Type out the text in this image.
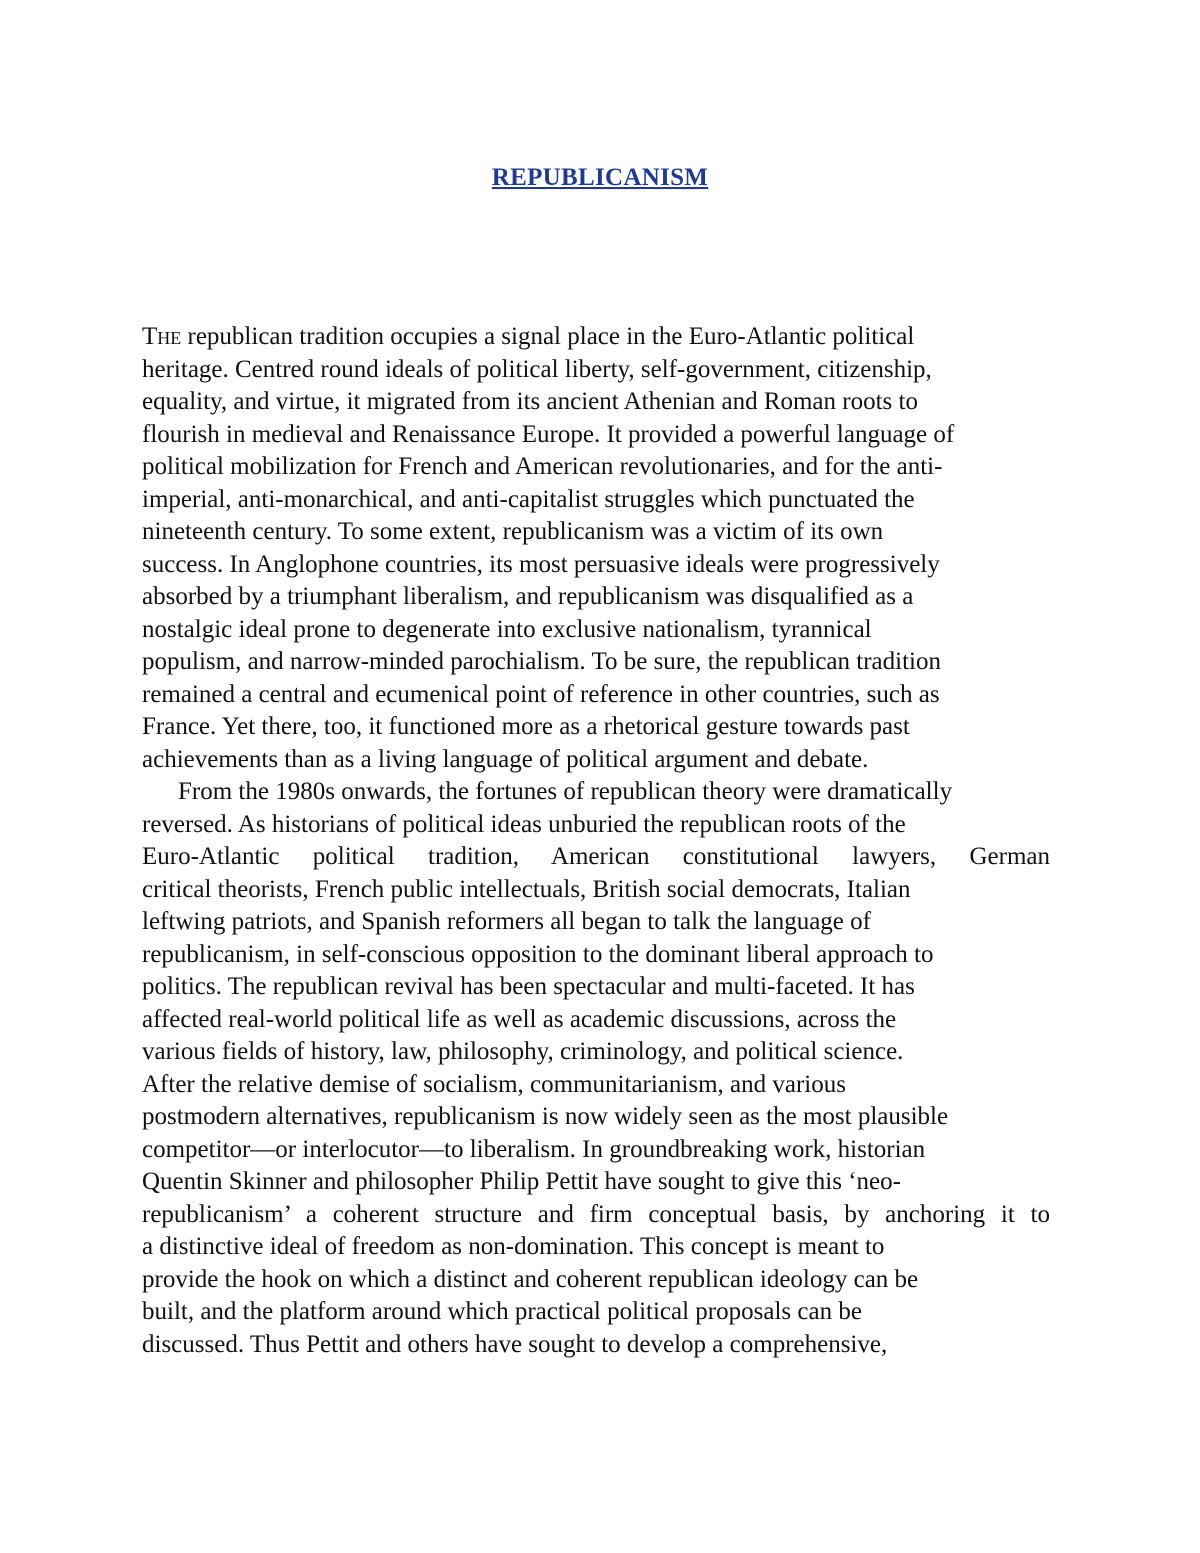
REPUBLICANISM
The republican tradition occupies a signal place in the Euro-Atlantic political
heritage. Centred round ideals of political liberty, self-government, citizenship,
equality, and virtue, it migrated from its ancient Athenian and Roman roots to
flourish in medieval and Renaissance Europe. It provided a powerful language of
political mobilization for French and American revolutionaries, and for the anti-
imperial, anti-monarchical, and anti-capitalist struggles which punctuated the
nineteenth century. To some extent, republicanism was a victim of its own
success. In Anglophone countries, its most persuasive ideals were progressively
absorbed by a triumphant liberalism, and republicanism was disqualified as a
nostalgic ideal prone to degenerate into exclusive nationalism, tyrannical
populism, and narrow-minded parochialism. To be sure, the republican tradition
remained a central and ecumenical point of reference in other countries, such as
France. Yet there, too, it functioned more as a rhetorical gesture towards past
achievements than as a living language of political argument and debate.
From the 1980s onwards, the fortunes of republican theory were dramatically
reversed. As historians of political ideas unburied the republican roots of the
Euro-Atlantic political tradition, American constitutional lawyers, German
critical theorists, French public intellectuals, British social democrats, Italian
leftwing patriots, and Spanish reformers all began to talk the language of
republicanism, in self-conscious opposition to the dominant liberal approach to
politics. The republican revival has been spectacular and multi-faceted. It has
affected real-world political life as well as academic discussions, across the
various fields of history, law, philosophy, criminology, and political science.
After the relative demise of socialism, communitarianism, and various
postmodern alternatives, republicanism is now widely seen as the most plausible
competitor—or interlocutor—to liberalism. In groundbreaking work, historian
Quentin Skinner and philosopher Philip Pettit have sought to give this ‘neo-
republicanism’ a coherent structure and firm conceptual basis, by anchoring it to
a distinctive ideal of freedom as non-domination. This concept is meant to
provide the hook on which a distinct and coherent republican ideology can be
built, and the platform around which practical political proposals can be
discussed. Thus Pettit and others have sought to develop a comprehensive,
